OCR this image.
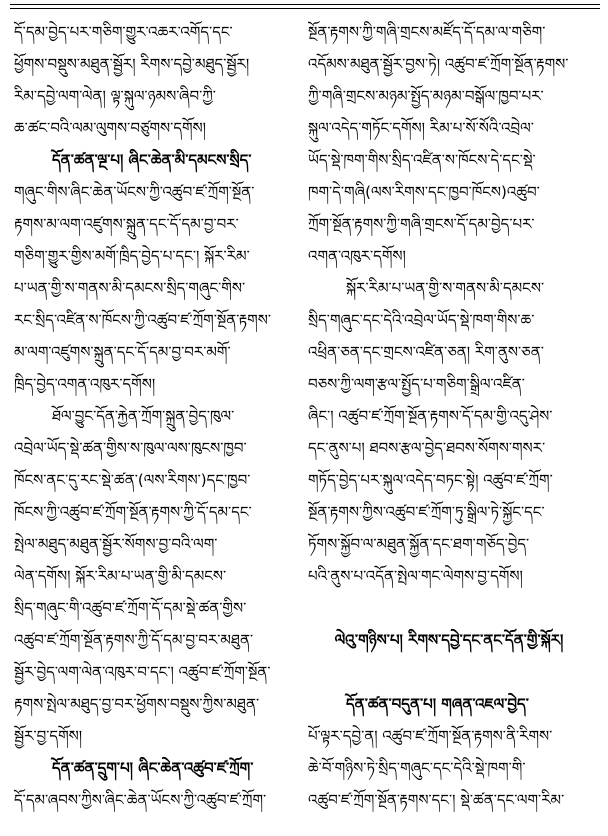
དོ་དམ་བྱེད་པར་གཅིག་གྱུར་འཆར་འགོད་དང་
ཕྱོགས་བསྡུས་མཐུན་སྦྱོར། རིགས་དབྱེ་མཐུད་སྦྱོར།
རིམ་དབྱེ་ལག་ལེན། ལྟ་སྐུལ་ཉམས་ཞིབ་ཀྱི་
ཆ་ཚང་བའི་ལམ་ལུགས་བཙུགས་དགོས།
དོན་ཚན་ལྔ་པ། ཞིང་ཆེན་མི་དམངས་སྲིད་
གཞུང་གིས་ཞིང་ཆེན་ཡོངས་ཀྱི་འཚུབ་ཛ་ཀྲོག་སྔོན་
རྟགས་མ་ལག་འཛུགས་སྐྲུན་དང་དོ་དམ་བྱ་བར་
གཅིག་གྱུར་གྱིས་མགོ་ཁྲིད་བྱེད་པ་དང་། སྐོར་རིམ་
པ་ཡན་གྱི་ས་གནས་མི་དམངས་སྲིད་གཞུང་གིས་
རང་སྲིད་འཛིན་ས་ཁོངས་ཀྱི་འཚུབ་ཛ་ཀྲོག་སྔོན་རྟགས་
མ་ལག་འཛུགས་སྐྲུན་དང་དོ་དམ་བྱ་བར་མགོ་
ཁྲིད་བྱེད་འགན་འཁུར་དགོས།
ཐོལ་བྱུང་དོན་རྐྱེན་ཀྲོག་སྐྲུན་བྱེད་ཁུལ་
འབྲེལ་ཡོད་སྡེ་ཚན་གྱིས་ས་ཁུལ་ལས་ཁུངས་ཁྱབ་
ཁོངས་ནང་དུ་རང་སྡེ་ཚན་(ལས་རིགས་)དང་ཁྱབ་
ཁོངས་ཀྱི་འཚུབ་ཛ་ཀྲོག་སྔོན་རྟགས་ཀྱི་དོ་དམ་དང་
སྤེལ་མཐུད་མཐུན་སྦྱོར་སོགས་བྱ་བའི་ལག་
ལེན་དགོས། སྐོར་རིམ་པ་ཡན་གྱི་མི་དམངས་
སྲིད་གཞུང་གི་འཚུབ་ཛ་ཀྲོག་དོ་དམ་སྡེ་ཚན་གྱིས་
འཚུབ་ཛ་ཀྲོག་སྔོན་རྟགས་ཀྱི་དོ་དམ་བྱ་བར་མཐུན་
སྦྱོར་བྱེད་ལག་ལེན་འཁུར་བ་དང་། འཚུབ་ཛ་ཀྲོག་སྔོན་
རྟགས་སྤེལ་མཐུད་བྱ་བར་ཕྱོགས་བསྡུས་ཀྱིས་མཐུན་
སྦྱོར་བྱ་དགོས།
དོན་ཚན་དྲུག་པ། ཞིང་ཆེན་འཚུབ་ཛ་ཀྲོག་
དོ་དམ་ཞབས་ཀྱིས་ཞིང་ཆེན་ཡོངས་ཀྱི་འཚུབ་ཛ་ཀྲོག་
སྔོན་རྟགས་ཀྱི་གཞི་གྲངས་མཛོད་དོ་དམ་ལ་གཅིག་
འདོམས་མཐུན་སྦྱོར་བྱས་ཏེ། འཚུབ་ཛ་ཀྲོག་སྔོན་རྟགས་
ཀྱི་གཞི་གྲངས་མཉམ་སྤྱོད་མཉམ་བསྒོལ་ཁྱབ་པར་
སྐུལ་འདེད་གཏོང་དགོས། རིམ་པ་སོ་སོའི་འབྲེལ་
ཡོད་སྡེ་ཁག་གིས་སྲིད་འཛིན་ས་ཁོངས་དེ་དང་སྡེ་
ཁག་དེ་གཞི(ལས་རིགས་དང་ཁྱབ་ཁོངས)འཚུབ་
ཀྲོག་སྔོན་རྟགས་ཀྱི་གཞི་གྲངས་དོ་དམ་བྱེད་པར་
འགན་འཁུར་དགོས།
སྐོར་རིམ་པ་ཡན་གྱི་ས་གནས་མི་དམངས་
སྲིད་གཞུང་དང་དེའི་འབྲེལ་ཡོད་སྡེ་ཁག་གིས་ཆ་
འཕྲིན་ཅན་དང་གྲངས་འཛིན་ཅན། རིག་ནུས་ཅན་
བཅས་ཀྱི་ལག་རྩལ་སྤྱོད་པ་གཅིག་སྒྲིལ་འཛིན་
ཞིང་། འཚུབ་ཛ་ཀྲོག་སྔོན་རྟགས་དོ་དམ་གྱི་འདུ་ཤེས་
དང་ནུས་པ། ཐབས་རྩལ་བྱེད་ཐབས་སོགས་གསར་
གཏོད་བྱེད་པར་སྐུལ་འདེད་བཏང་སྟེ། འཚུབ་ཛ་ཀྲོག་
སྔོན་རྟགས་ཀྱིས་འཚུབ་ཛ་ཀྲོག་ཏུ་སྒྲིལ་ཏེ་སྐྱོང་དང་
ཏོགས་སྐྱོབ་ལ་མཐུན་སྐྱོན་དང་ཐག་གཅོད་བྱེད་
པའི་ནུས་པ་འདོན་སྤེལ་གང་ལེགས་བྱ་དགོས།
ལེའུ་གཉིས་པ། རིགས་དབྱེ་དང་ནང་དོན་གྱི་སྐོར།
དོན་ཚན་བདུན་པ། གཞན་འཇལ་བྱེད་
པོ་ལྟར་དབྱེ་ན། འཚུབ་ཛ་ཀྲོག་སྔོན་རྟགས་ནི་རིགས་
ཆེ་བོ་གཉིས་ཏེ་སྲིད་གཞུང་དང་དེའི་སྡེ་ཁག་གི་
འཚུབ་ཛ་ཀྲོག་སྔོན་རྟགས་དང་། སྡེ་ཚན་དང་ལག་རིམ་
